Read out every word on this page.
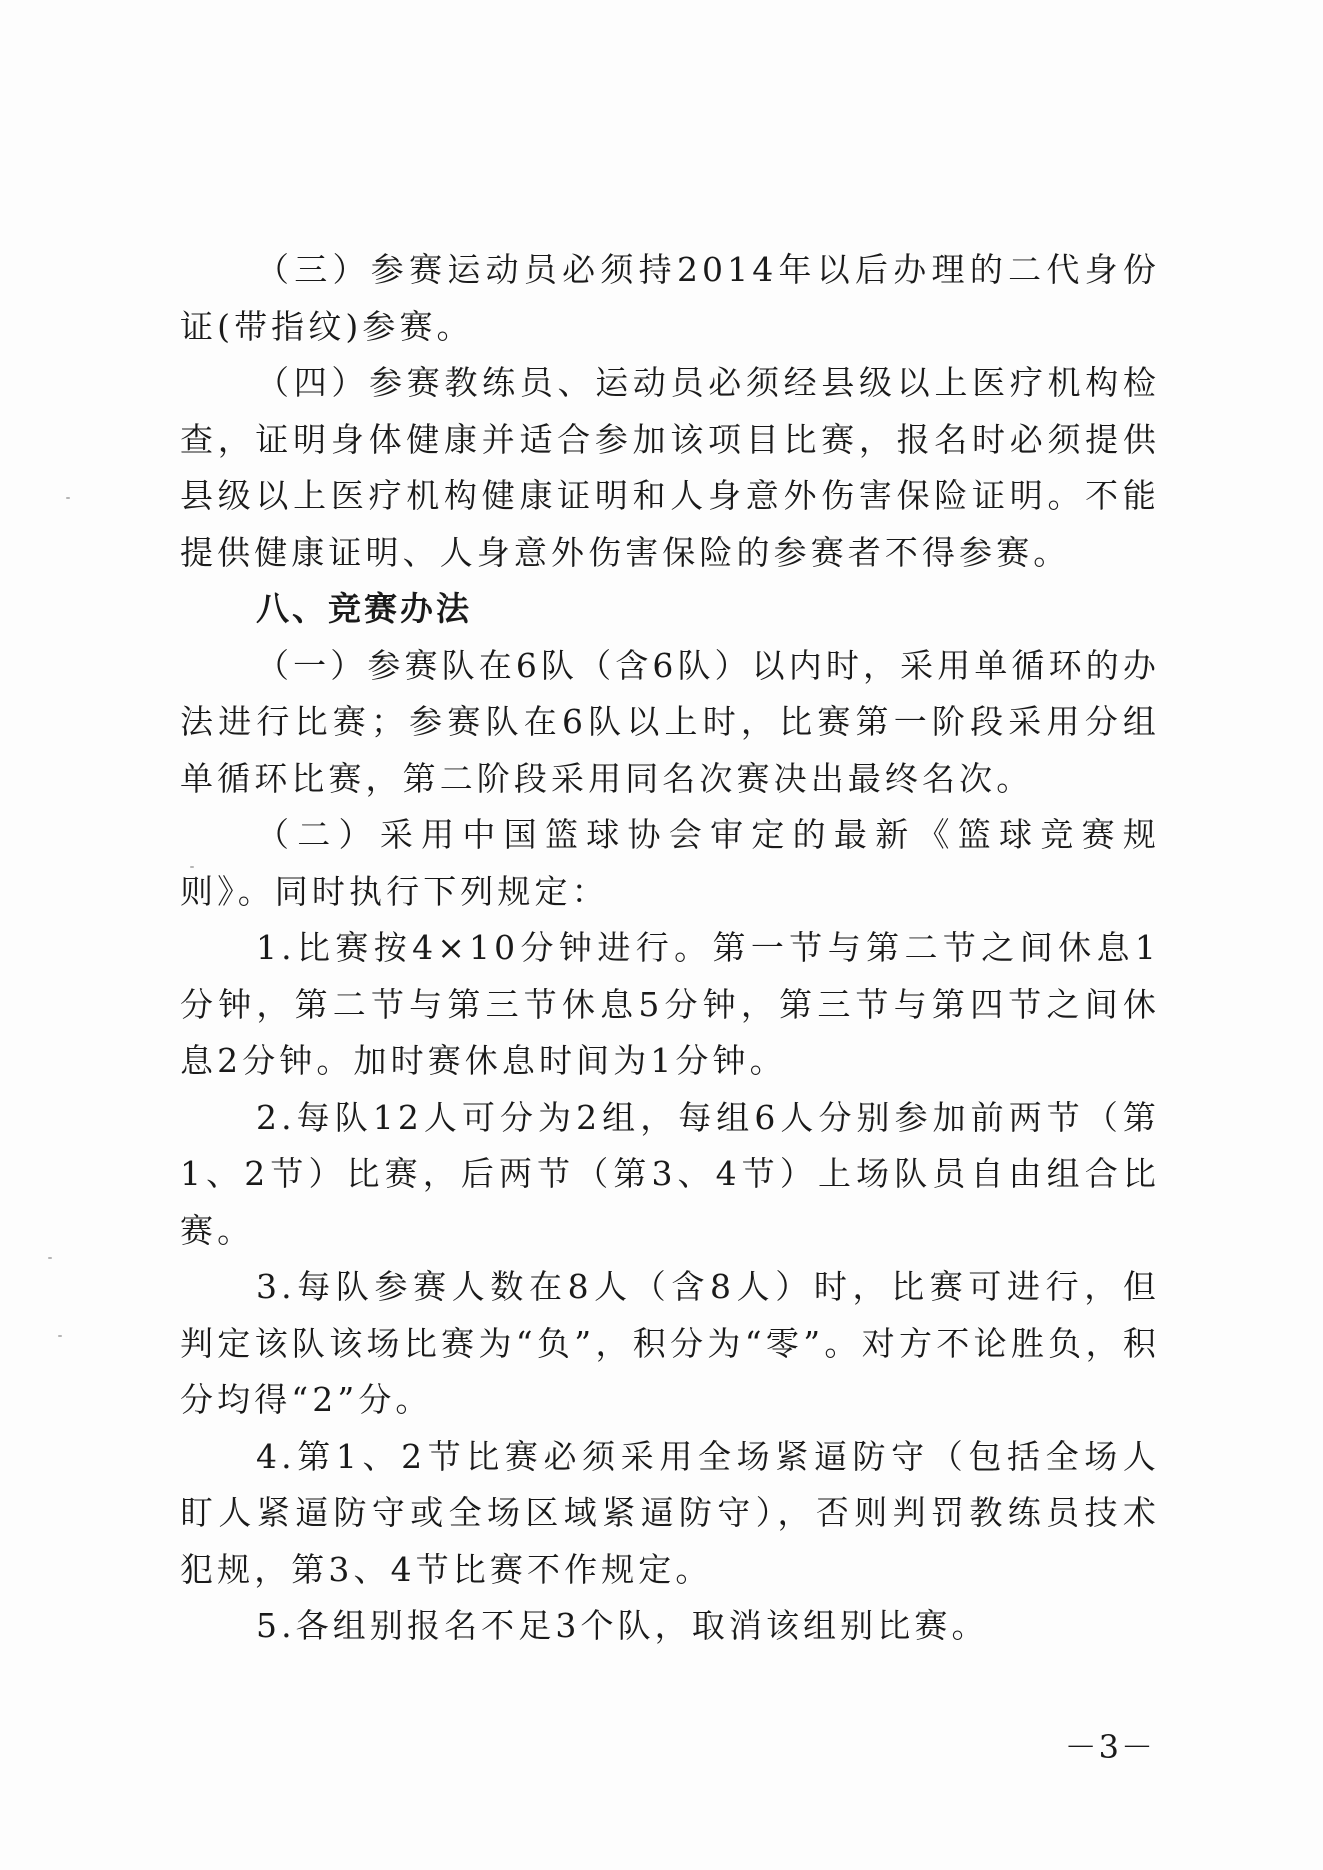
（三）参赛运动员必须持2014年以后办理的二代身份证(带指纹)参赛。

（四）参赛教练员、运动员必须经县级以上医疗机构检查，证明身体健康并适合参加该项目比赛，报名时必须提供县级以上医疗机构健康证明和人身意外伤害保险证明。不能提供健康证明、人身意外伤害保险的参赛者不得参赛。

八、竞赛办法

（一）参赛队在6队（含6队）以内时，采用单循环的办法进行比赛；参赛队在6队以上时，比赛第一阶段采用分组单循环比赛，第二阶段采用同名次赛决出最终名次。

（二）采用中国篮球协会审定的最新《篮球竞赛规则》。同时执行下列规定：

1.比赛按4×10分钟进行。第一节与第二节之间休息1分钟，第二节与第三节休息5分钟，第三节与第四节之间休息2分钟。加时赛休息时间为1分钟。

2.每队12人可分为2组，每组6人分别参加前两节（第1、2节）比赛，后两节（第3、4节）上场队员自由组合比赛。

3.每队参赛人数在8人（含8人）时，比赛可进行，但判定该队该场比赛为“负”，积分为“零”。对方不论胜负，积分均得“2”分。

4.第1、2节比赛必须采用全场紧逼防守（包括全场人盯人紧逼防守或全场区域紧逼防守），否则判罚教练员技术犯规，第3、4节比赛不作规定。

5.各组别报名不足3个队，取消该组别比赛。

－3－
